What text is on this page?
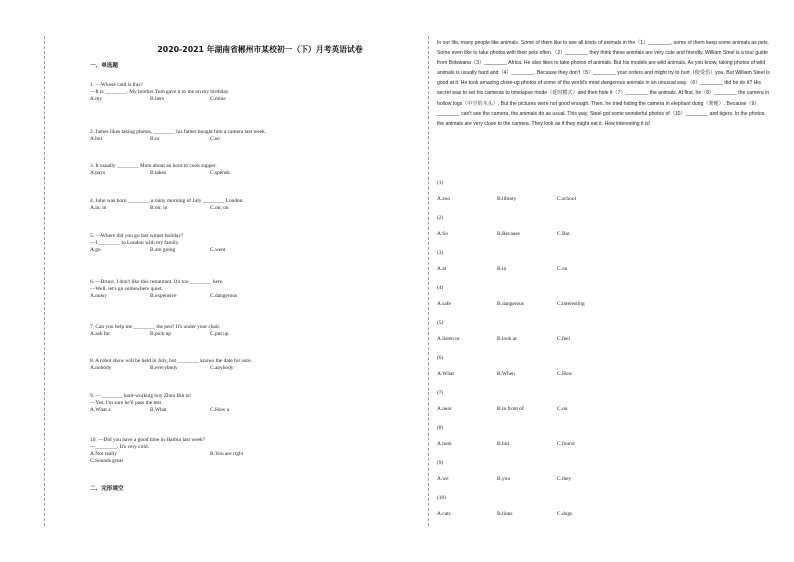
2020-2021 年湖南省郴州市某校初一（下）月考英语试卷
一、单选题
1. —Whose card is this?
—It is ________. My brother Tom gave it to me on my birthday.
A.my	B.hers	C.mine
2. James likes taking photos, ________ his father bought him a camera last week.
A.but	B.or	C.so
3. It usually ________ Mum about an hour to cook supper.
A.pays	B.takes	C.spends
4. John was born ________ a rainy morning of July ________ London.
A.in; in	B.on; in	C.on; on
5. —Where did you go last winter holiday?
—I ________ to London with my family.
A.go	B.am going	C.went
6. —Bruce, I don't like this restaurant. It's too ________ here.
—Well, let's go somewhere quiet.
A.noisy	B.expensive	C.dangerous
7. Can you help me ________ the pen? It's under your chair.
A.ask for	B.pick up	C.put up
8. A robot show will be held in July, but ________ knows the date for sure.
A.nobody	B.everybody	C.anybody
9. —________ hard-working boy Zhou Bin is!
—Yes, I'm sure he'll pass the test.
A.What a	B.What	C.How a
10. —Did you have a good time in Harbin last week?
—________. It's very cold.
A.Not really	B.You are right
C.Sounds great
二、完形填空
In our life, many people like animals. Some of them like to see all kinds of animals in the（1）________, some of them keep some animals as pets. Some even like to take photos with their pets often.（2）________ they think these animals are very cute and friendly. William Steel is a tour guide from Botswana（3）________ Africa. He also likes to take photos of animals. But his models are wild animals. As you know, taking photos of wild animals is usually hard and（4）________. Because they don't（5）________ your orders and might try to hurt（使受伤）you. But William Steel is good at it. He took amazing close-up photos of some of the world's most dangerous animals in an unusual way.（6）________ did he do it? His secret was to set his cameras to timelapse mode（延时模式）and then hide it（7）________ the animals. At first, he（8）________ the camera in hollow logs（中空的木头）. But the pictures were not good enough. Then, he tried hiding the camera in elephant dung（粪便）. Because（9）________ can't see the camera, the animals do as usual. This way, Steel got some wonderful photos of（10）________ and tigers. In the photos, the animals are very close to the camera. They look as if they might eat it. How interesting it is!
(1)
A.zoo	B.library	C.school
(2)
A.So	B.Because	C.But
(3)
A.at	B.in	C.on
(4)
A.safe	B.dangerous	C.interesting
(5)
A.listen to	B.look at	C.feel
(6)
A.What	B.When	C.How
(7)
A.near	B.in front of	C.on
(8)
A.took	B.hid	C.found
(9)
A.we	B.you	C.they
(10)
A.cats	B.lions	C.dogs
